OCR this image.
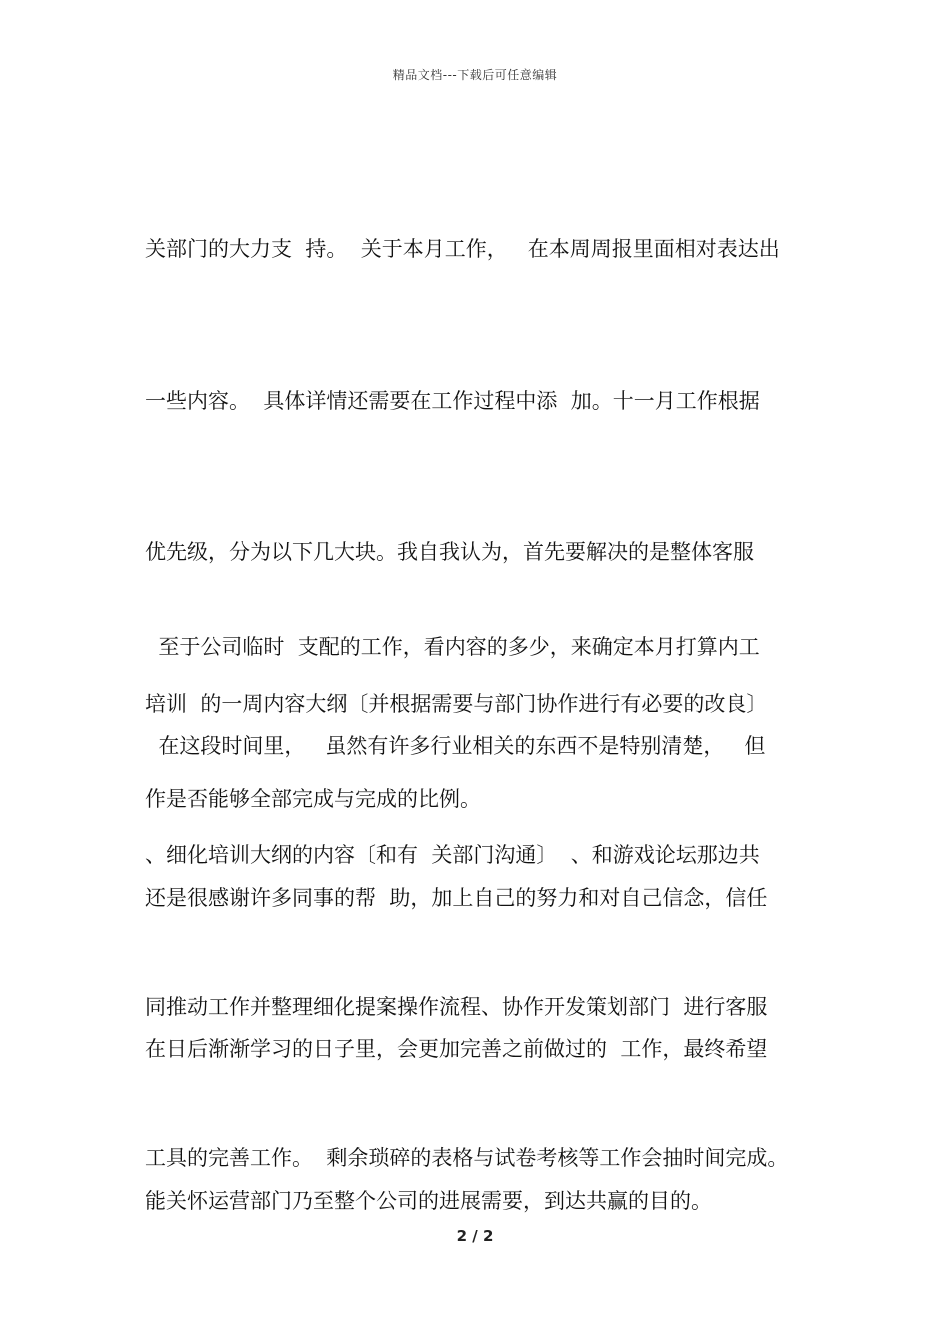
精品文档---下载后可任意编辑

关部门的大力支  持。  关于本月工作，   在本周周报里面相对表达出

一些内容。  具体详情还需要在工作过程中添  加。十一月工作根据

优先级，分为以下几大块。我自我认为，首先要解决的是整体客服

培训  的一周内容大纲〔并根据需要与部门协作进行有必要的改良〕

、细化培训大纲的内容〔和有  关部门沟通〕  、和游戏论坛那边共

同推动工作并整理细化提案操作流程、协作开发策划部门  进行客服

工具的完善工作。  剩余琐碎的表格与试卷考核等工作会抽时间完成。

至于公司临时  支配的工作，看内容的多少，来确定本月打算内工

作是否能够全部完成与完成的比例。

在这段时间里，   虽然有许多行业相关的东西不是特别清楚，   但

还是很感谢许多同事的帮  助，加上自己的努力和对自己信念，信任

在日后渐渐学习的日子里，会更加完善之前做过的  工作，最终希望

能关怀运营部门乃至整个公司的进展需要，到达共赢的目的。

2 / 2
